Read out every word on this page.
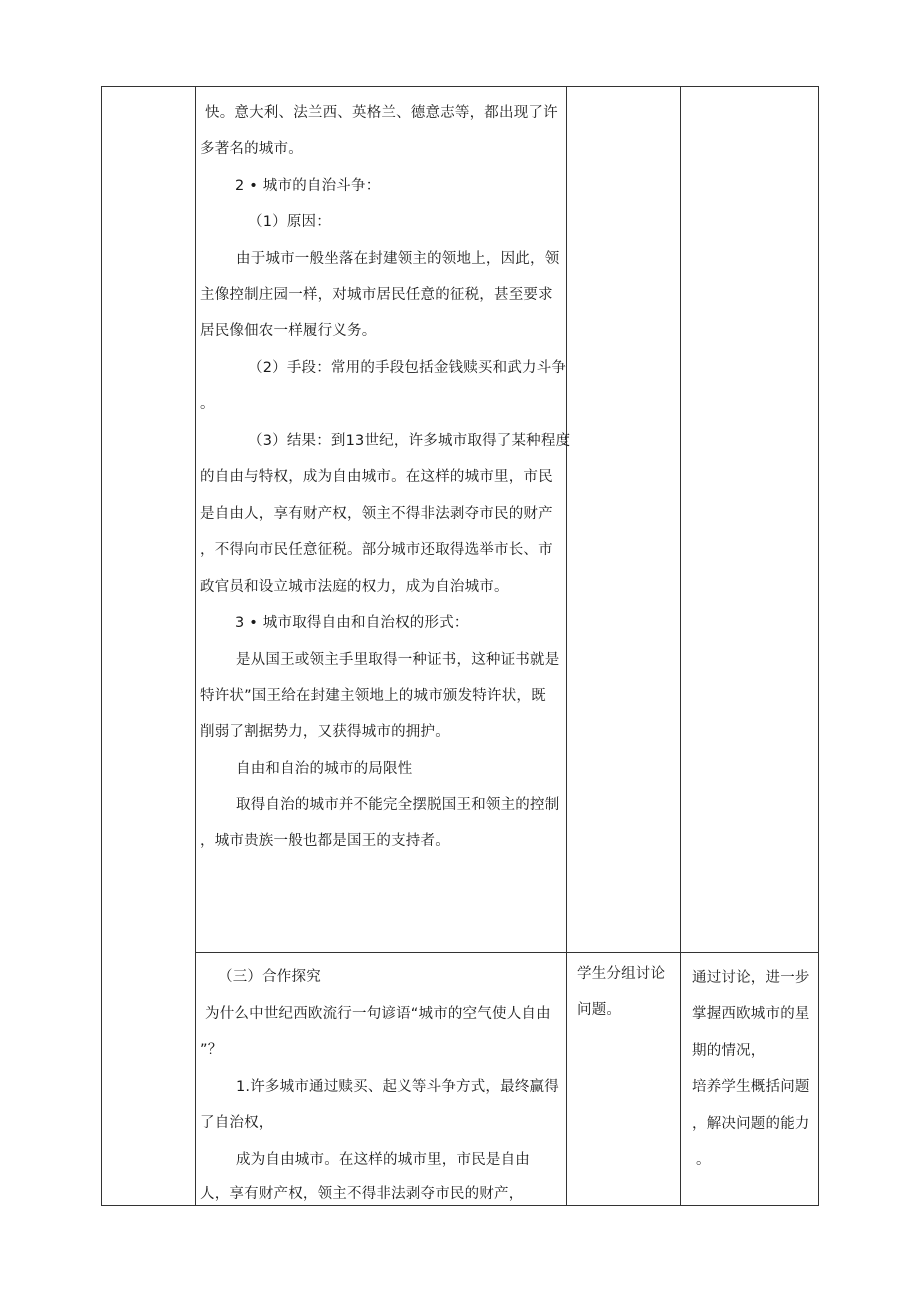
快。意大利、法兰西、英格兰、德意志等，都出现了许
多著名的城市。
2 • 城市的自治斗争：
（1）原因：
由于城市一般坐落在封建领主的领地上，因此，领
主像控制庄园一样，对城市居民任意的征税，甚至要求
居民像佃农一样履行义务。
（2）手段：常用的手段包括金钱赎买和武力斗争
。
（3）结果：到13世纪，许多城市取得了某种程度
的自由与特权，成为自由城市。在这样的城市里，市民
是自由人，享有财产权，领主不得非法剥夺市民的财产
，不得向市民任意征税。部分城市还取得选举市长、市
政官员和设立城市法庭的权力，成为自治城市。
3 • 城市取得自由和自治权的形式：
是从国王或领主手里取得一种证书，这种证书就是
特许状”国王给在封建主领地上的城市颁发特许状，既
削弱了割据势力，又获得城市的拥护。
自由和自治的城市的局限性
取得自治的城市并不能完全摆脱国王和领主的控制
，城市贵族一般也都是国王的支持者。
（三）合作探究
为什么中世纪西欧流行一句谚语“城市的空气使人自由
”？
1.许多城市通过赎买、起义等斗争方式，最终赢得
了自治权，
成为自由城市。在这样的城市里，市民是自由
人，享有财产权，领主不得非法剥夺市民的财产，
学生分组讨论
问题。
通过讨论，进一步
掌握西欧城市的星
期的情况，
培养学生概括问题
，解决问题的能力
。
